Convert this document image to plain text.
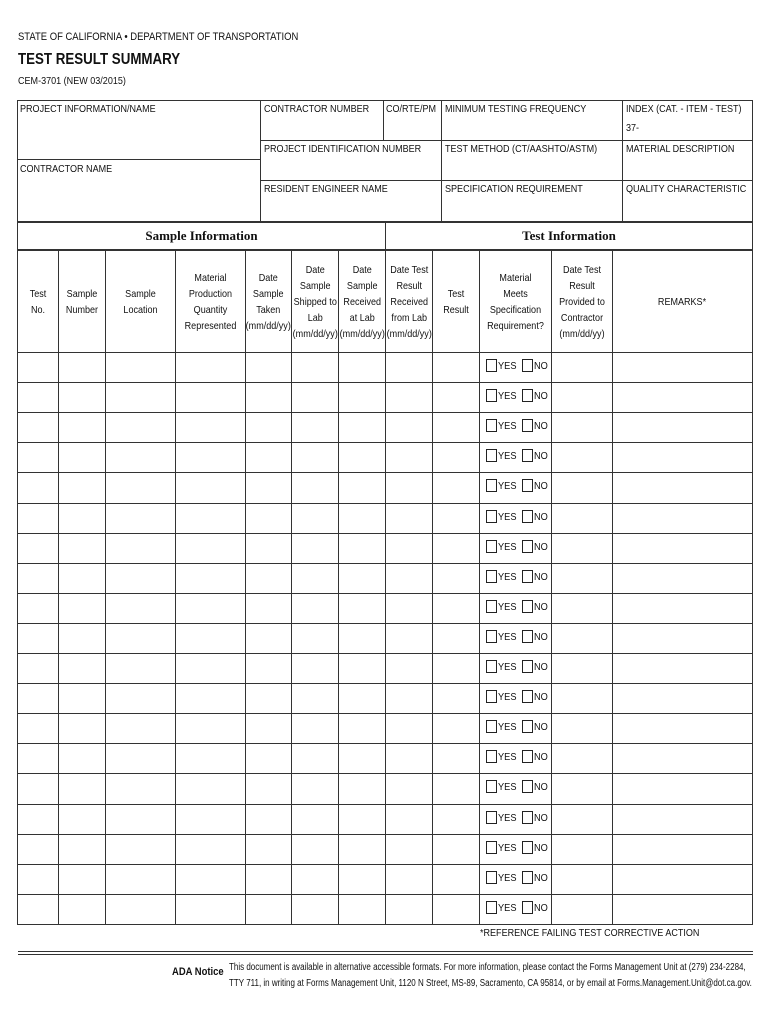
STATE OF CALIFORNIA • DEPARTMENT OF TRANSPORTATION
TEST RESULT SUMMARY
CEM-3701 (NEW 03/2015)
PROJECT INFORMATION/NAME
CONTRACTOR NAME
CONTRACTOR NUMBER	CO/RTE/PM
PROJECT IDENTIFICATION NUMBER
RESIDENT ENGINEER NAME
MINIMUM TESTING FREQUENCY
TEST METHOD (CT/AASHTO/ASTM)
SPECIFICATION REQUIREMENT
INDEX (CAT. - ITEM - TEST)
37-
MATERIAL DESCRIPTION
QUALITY CHARACTERISTIC
Sample Information	Test Information
Test No.
Sample Number
Sample Location
Material Production Quantity Represented
Date Sample Taken (mm/dd/yy)
Date Sample Shipped to Lab (mm/dd/yy)
Date Sample Received at Lab (mm/dd/yy)
Date Test Result Received from Lab (mm/dd/yy)
Test Result
Material Meets Specification Requirement?
Date Test Result Provided to Contractor (mm/dd/yy)
REMARKS*
YES NO
YES NO
YES NO
YES NO
YES NO
YES NO
YES NO
YES NO
YES NO
YES NO
YES NO
YES NO
YES NO
YES NO
YES NO
YES NO
YES NO
YES NO
YES NO
*REFERENCE FAILING TEST CORRECTIVE ACTION
ADA Notice This document is available in alternative accessible formats. For more information, please contact the Forms Management Unit at (279) 234-2284,
TTY 711, in writing at Forms Management Unit, 1120 N Street, MS-89, Sacramento, CA 95814, or by email at Forms.Management.Unit@dot.ca.gov.
